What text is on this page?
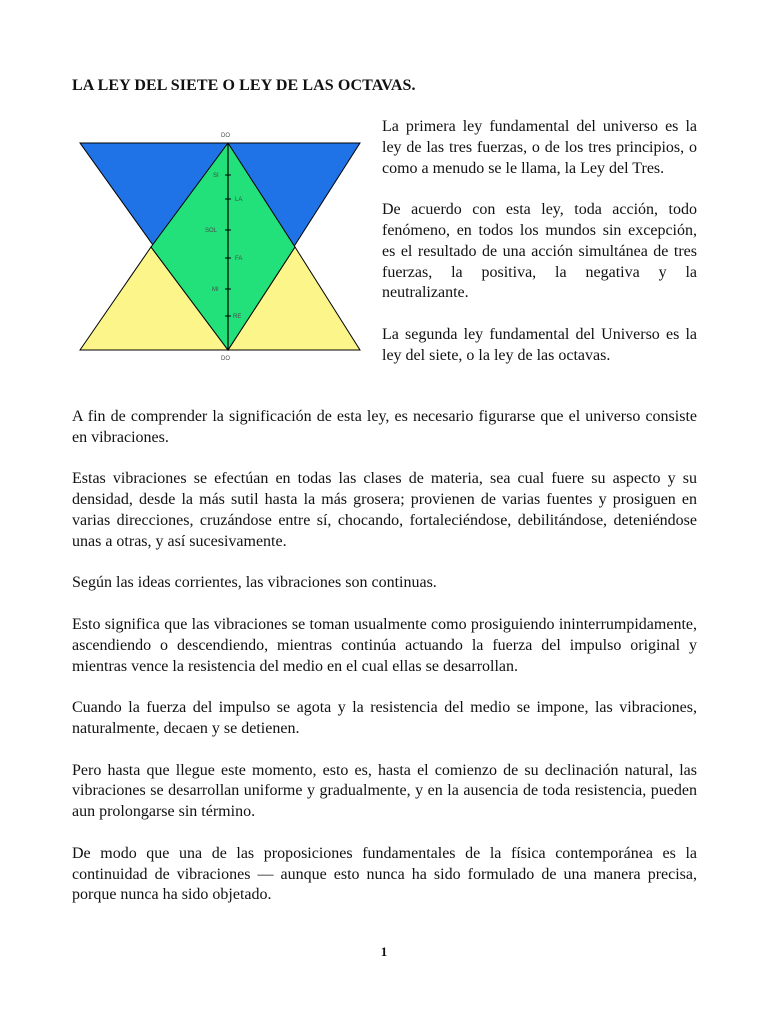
LA LEY DEL SIETE O LEY DE LAS OCTAVAS.
DO
SI
LA
SOL
FA
MI
RE
DO

La primera ley fundamental del universo es la ley de las tres fuerzas, o de los tres principios, o como a menudo se le llama, la Ley del Tres.

De acuerdo con esta ley, toda acción, todo fenómeno, en todos los mundos sin excepción, es el resultado de una acción simultánea de tres fuerzas, la positiva, la negativa y la neutralizante.

La segunda ley fundamental del Universo es la ley del siete, o la ley de las octavas.

A fin de comprender la significación de esta ley, es necesario figurarse que el universo consiste en vibraciones.

Estas vibraciones se efectúan en todas las clases de materia, sea cual fuere su aspecto y su densidad, desde la más sutil hasta la más grosera; provienen de varias fuentes y prosiguen en varias direcciones, cruzándose entre sí, chocando, fortaleciéndose, debilitándose, deteniéndose unas a otras, y así sucesivamente.

Según las ideas corrientes, las vibraciones son continuas.

Esto significa que las vibraciones se toman usualmente como prosiguiendo ininterrumpidamente, ascendiendo o descendiendo, mientras continúa actuando la fuerza del impulso original y mientras vence la resistencia del medio en el cual ellas se desarrollan.

Cuando la fuerza del impulso se agota y la resistencia del medio se impone, las vibraciones, naturalmente, decaen y se detienen.

Pero hasta que llegue este momento, esto es, hasta el comienzo de su declinación natural, las vibraciones se desarrollan uniforme y gradualmente, y en la ausencia de toda resistencia, pueden aun prolongarse sin término.

De modo que una de las proposiciones fundamentales de la física contemporánea es la continuidad de vibraciones — aunque esto nunca ha sido formulado de una manera precisa, porque nunca ha sido objetado.

1
